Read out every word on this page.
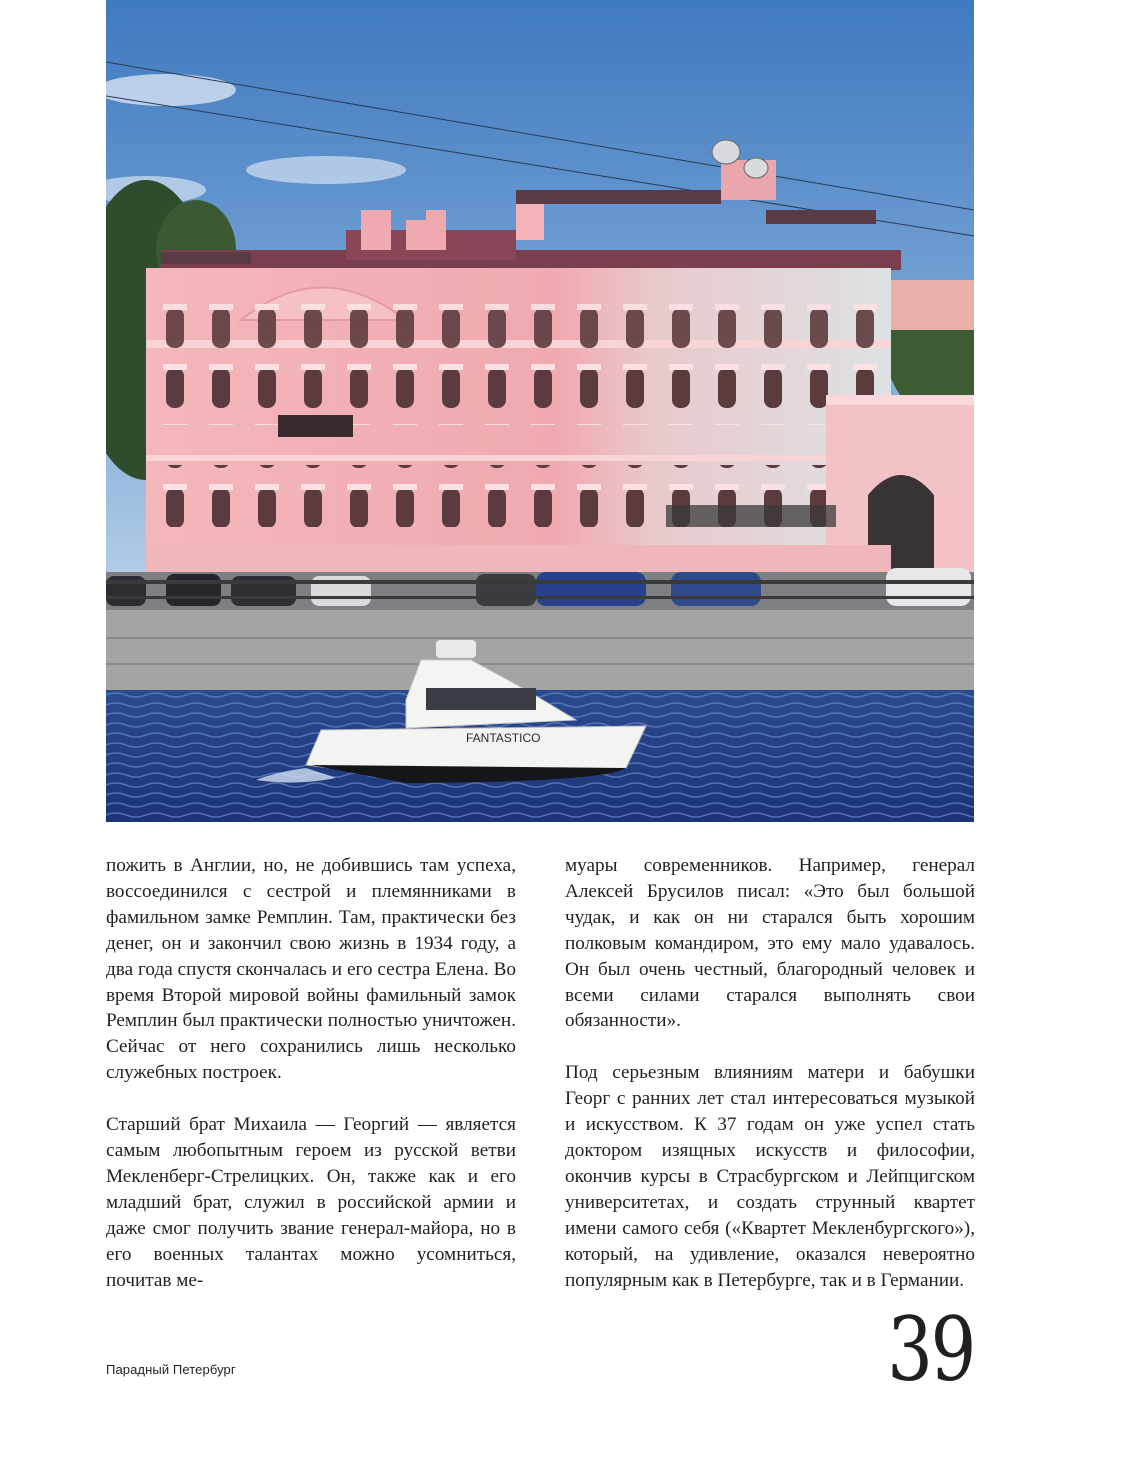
FANTASTICO

пожить в Англии, но, не добившись там успеха, воссоединился с сестрой и племянниками в фамильном замке Ремплин. Там, практически без денег, он и закончил свою жизнь в 1934 году, а два года спустя скончалась и его сестра Елена. Во время Второй мировой войны фамильный замок Ремплин был практически полностью уничтожен. Сейчас от него сохранились лишь несколько служебных построек.

Старший брат Михаила — Георгий — является самым любопытным героем из русской ветви Мекленберг-Стрелицких. Он, также как и его младший брат, служил в российской армии и даже смог получить звание генерал-майора, но в его военных талантах можно усомниться, почитав ме-

муары современников. Например, генерал Алексей Брусилов писал: «Это был большой чудак, и как он ни старался быть хорошим полковым командиром, это ему мало удавалось. Он был очень честный, благородный человек и всеми силами старался выполнять свои обязанности».

Под серьезным влияниям матери и бабушки Георг с ранних лет стал интересоваться музыкой и искусством. К 37 годам он уже успел стать доктором изящных искусств и философии, окончив курсы в Страсбургском и Лейпцигском университетах, и создать струнный квартет имени самого себя («Квартет Мекленбургского»), который, на удивление, оказался невероятно популярным как в Петербурге, так и в Германии.

Парадный Петербург	39
